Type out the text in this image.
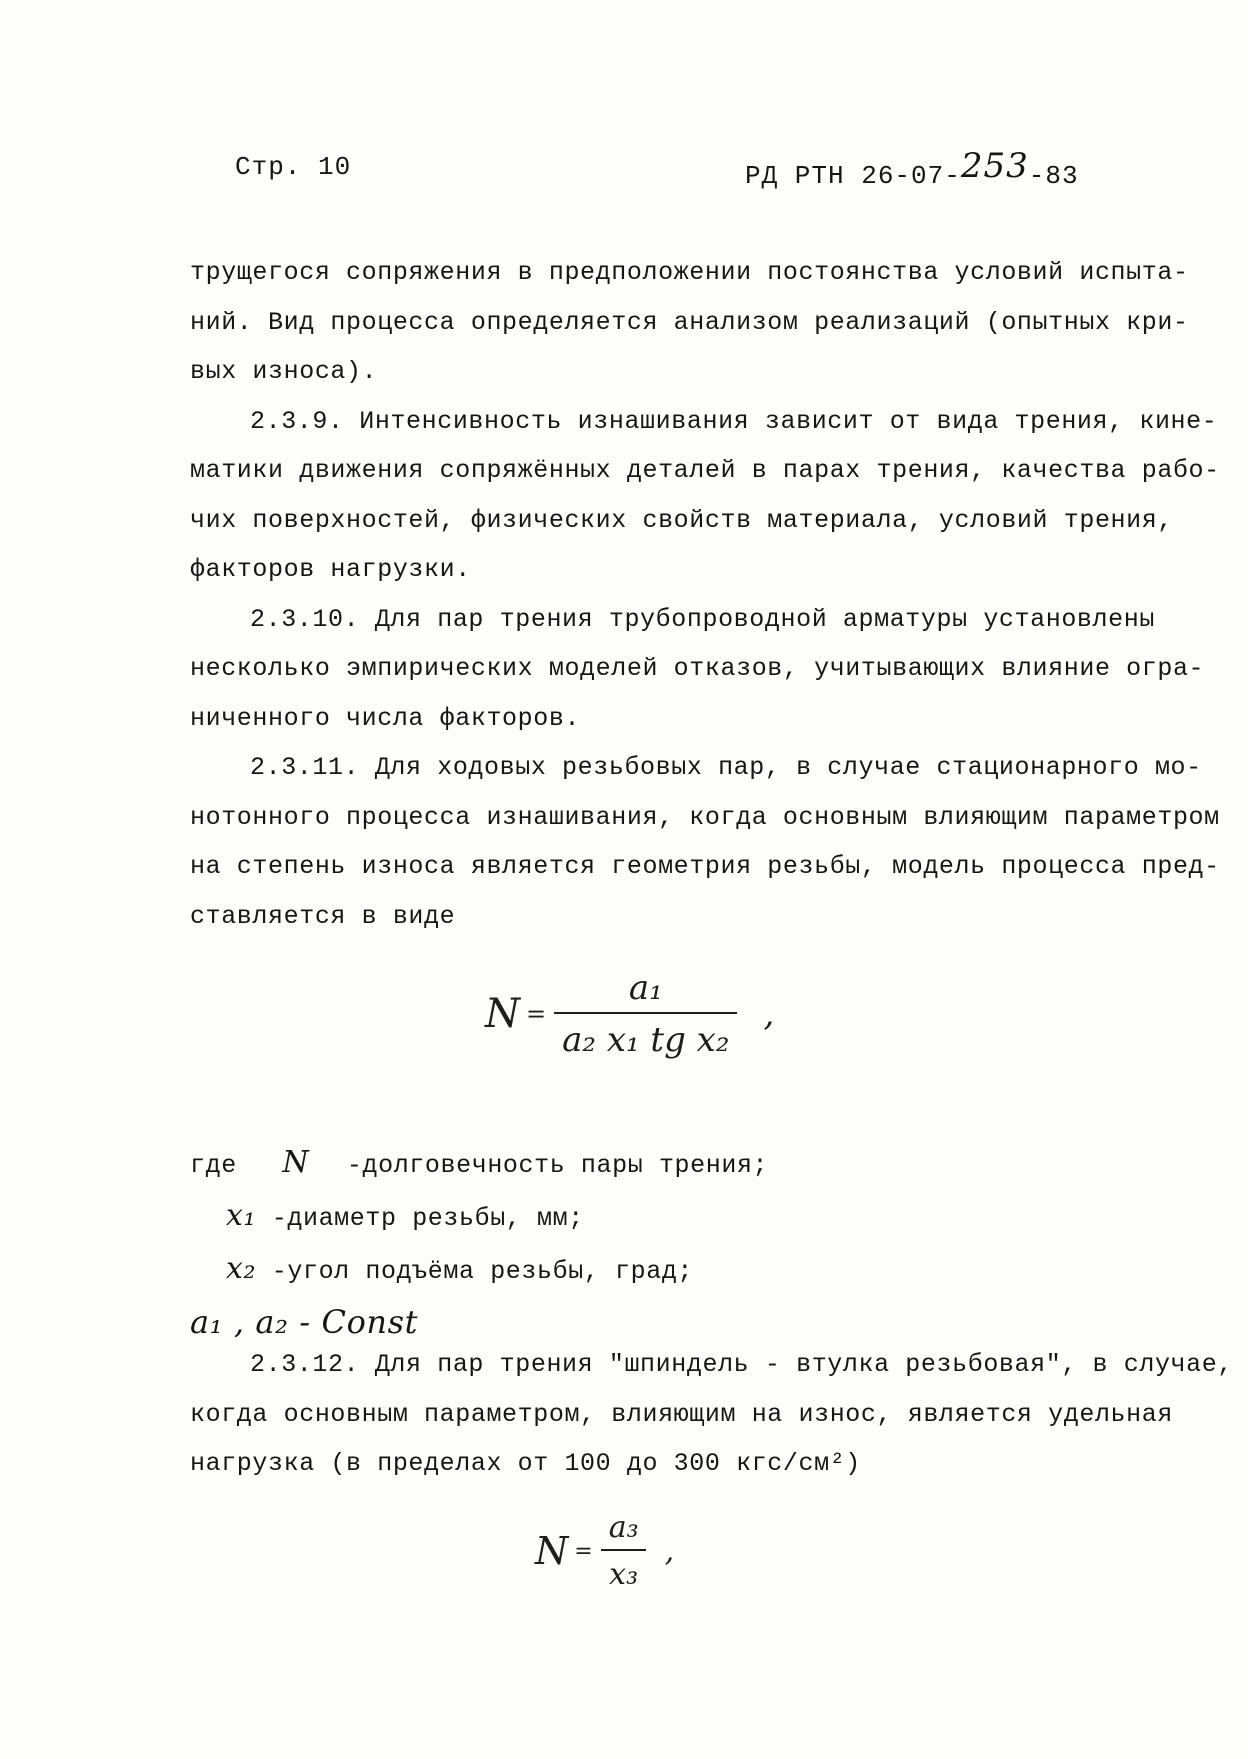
Стр. 10	РД РТН 26-07-253-83
трущегося сопряжения в предположении постоянства условий испыта-
ний. Вид процесса определяется анализом реализаций (опытных кри-
вых износа).
2.3.9. Интенсивность изнашивания зависит от вида трения, кине-
матики движения сопряжённых деталей в парах трения, качества рабо-
чих поверхностей, физических свойств материала, условий трения,
факторов нагрузки.
2.3.10. Для пар трения трубопроводной арматуры установлены
несколько эмпирических моделей отказов, учитывающих влияние огра-
ниченного числа факторов.
2.3.11. Для ходовых резьбовых пар, в случае стационарного мо-
нотонного процесса изнашивания, когда основным влияющим параметром
на степень износа является геометрия резьбы, модель процесса пред-
ставляется в виде
$N = \frac{\text{a₁}}{\text{a₂ x₁ tg x₂}}$ ,
где N -долговечность пары трения;
x₁ -диаметр резьбы, мм;
x₂ -угол подъёма резьбы, град;
a₁ , a₂ - Const
2.3.12. Для пар трения "шпиндель - втулка резьбовая", в случае,
когда основным параметром, влияющим на износ, является удельная
нагрузка (в пределах от 100 до 300 кгс/см²)
$N = \frac{\text{a₃}}{\text{x₃}}$ ,
